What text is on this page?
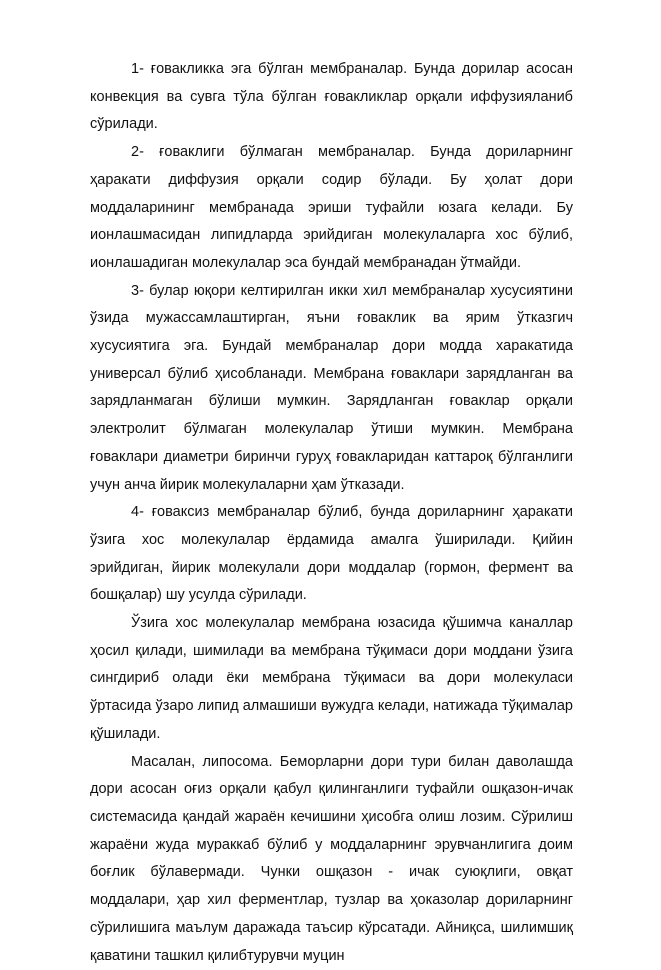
1- ғовакликка эга бўлган мембраналар. Бунда дорилар асосан конвекция ва сувга тўла бўлган ғовакликлар орқали иффузияланиб сўрилади.

2- ғоваклиги бўлмаган мембраналар. Бунда дориларнинг ҳаракати диффузия орқали содир бўлади. Бу ҳолат дори моддаларининг мембранада эриши туфайли юзага келади. Бу ионлашмасидан липидларда эрийдиган молекулаларга хос бўлиб, ионлашадиган молекулалар эса бундай мембранадан ўтмайди.

3- булар юқори келтирилган икки хил мембраналар хусусиятини ўзида мужассамлаштирган, яъни ғоваклик ва ярим ўтказгич хусусиятига эга. Бундай мембраналар дори модда харакатида универсал бўлиб ҳисобланади. Мембрана ғоваклари зарядланган ва зарядланмаган бўлиши мумкин. Зарядланган ғоваклар орқали электролит бўлмаган молекулалар ўтиши мумкин. Мембрана ғоваклари диаметри биринчи гуруҳ ғовакларидан каттароқ бўлганлиги учун анча йирик молекулаларни ҳам ўтказади.

4- ғоваксиз мембраналар бўлиб, бунда дориларнинг ҳаракати ўзига хос молекулалар ёрдамида амалга ўширилади. Қийин эрийдиган, йирик молекулали дори моддалар (гормон, фермент ва бошқалар) шу усулда сўрилади.

Ўзига хос молекулалар мембрана юзасида қўшимча каналлар ҳосил қилади, шимилади ва мембрана тўқимаси дори моддани ўзига сингдириб олади ёки мембрана тўқимаси ва дори молекуласи ўртасида ўзаро липид алмашиши вужудга келади, натижада тўқималар қўшилади.

Масалан, липосома. Беморларни дори тури билан даволашда дори асосан оғиз орқали қабул қилинганлиги туфайли ошқазон-ичак системасида қандай жараён кечишини ҳисобга олиш лозим. Сўрилиш жараёни жуда мураккаб бўлиб у моддаларнинг эрувчанлигига доим боғлик бўлавермади. Чунки ошқазон - ичак суюқлиги, овқат моддалари, ҳар хил ферментлар, тузлар ва ҳоказолар дориларнинг сўрилишига маълум даражада таъсир кўрсатади. Айниқса, шилимшиқ қаватини ташкил қилибтурувчи муцин
